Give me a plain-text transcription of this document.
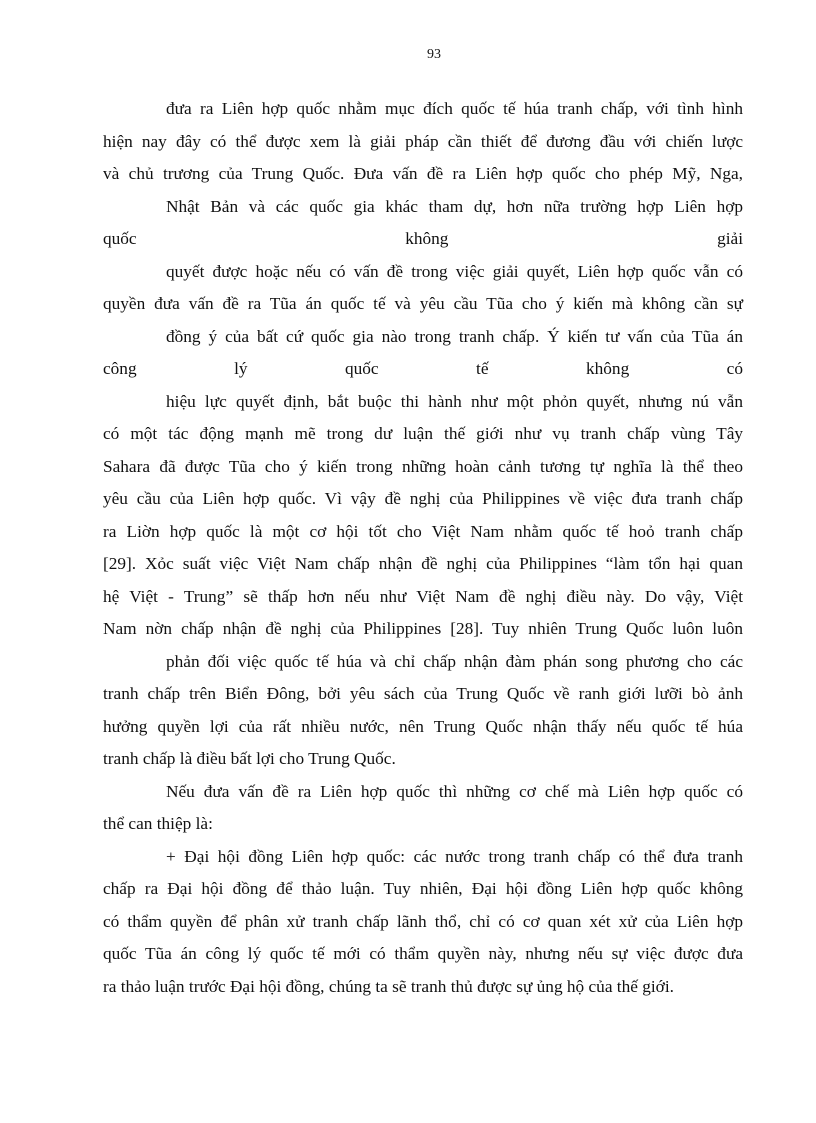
93
đưa ra Liên hợp quốc nhằm mục đích quốc tế húa tranh chấp, với tình hình
hiện nay đây có thể được xem là giải pháp cần thiết để đương đầu với chiến lược
và chủ trương của Trung Quốc. Đưa vấn đề ra Liên hợp quốc cho phép Mỹ, Nga,
Nhật Bản và các quốc gia khác tham dự, hơn nữa trường hợp Liên hợp
quốc	không	giải
quyết được hoặc nếu có vấn đề trong việc giải quyết, Liên hợp quốc vẫn có
quyền đưa vấn đề ra Tũa án quốc tế và yêu cầu Tũa cho ý kiến mà không cần sự
đồng ý của bất cứ quốc gia nào trong tranh chấp. Ý kiến tư vấn của Tũa án
công	lý	quốc	tế	không	có
hiệu lực quyết định, bắt buộc thi hành như một phỏn quyết, nhưng nú vẫn
có một tác động mạnh mẽ trong dư luận thế giới như vụ tranh chấp vùng Tây
Sahara đã được Tũa cho ý kiến trong những hoàn cảnh tương tự nghĩa là thể theo
yêu cầu của Liên hợp quốc. Vì vậy đề nghị của Philippines về việc đưa tranh chấp
ra Liờn hợp quốc là một cơ hội tốt cho Việt Nam nhằm quốc tế hoỏ tranh chấp
[29]. Xỏc suất việc Việt Nam chấp nhận đề nghị của Philippines “làm tổn hại quan
hệ Việt - Trung” sẽ thấp hơn nếu như Việt Nam đề nghị điều này. Do vậy, Việt
Nam nờn chấp nhận đề nghị của Philippines [28]. Tuy nhiên Trung Quốc luôn luôn
phản đối việc quốc tế húa và chỉ chấp nhận đàm phán song phương cho các
tranh chấp trên Biển Đông, bởi yêu sách của Trung Quốc về ranh giới lưỡi bò ảnh
hưởng quyền lợi của rất nhiều nước, nên Trung Quốc nhận thấy nếu quốc tế húa
tranh chấp là điều bất lợi cho Trung Quốc.
Nếu đưa vấn đề ra Liên hợp quốc thì những cơ chế mà Liên hợp quốc có
thể can thiệp là:
+ Đại hội đồng Liên hợp quốc: các nước trong tranh chấp có thể đưa tranh
chấp ra Đại hội đồng để thảo luận. Tuy nhiên, Đại hội đồng Liên hợp quốc không
có thẩm quyền để phân xử tranh chấp lãnh thổ, chỉ có cơ quan xét xử của Liên hợp
quốc Tũa án công lý quốc tế mới có thẩm quyền này, nhưng nếu sự việc được đưa
ra thảo luận trước Đại hội đồng, chúng ta sẽ tranh thủ được sự ủng hộ của thế giới.
